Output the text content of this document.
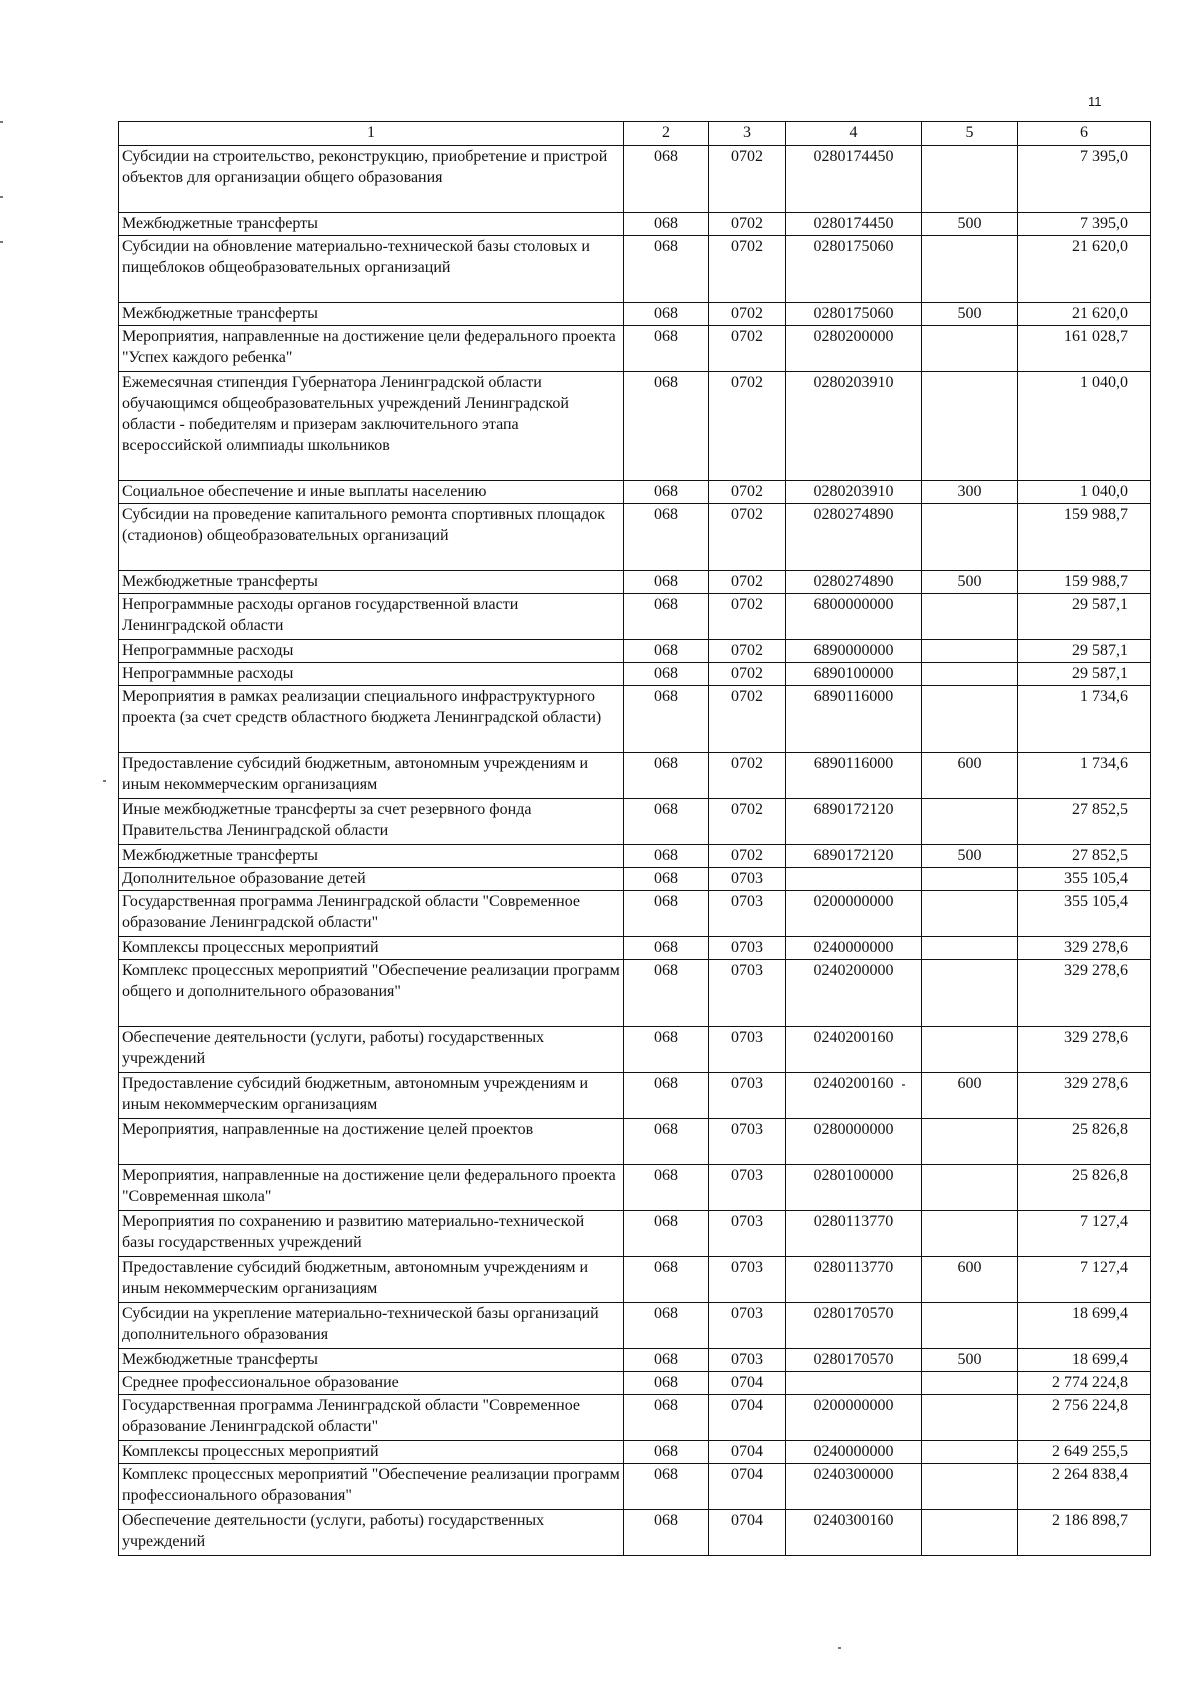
11
1	2	3	4	5	6
Субсидии на строительство, реконструкцию, приобретение и пристрой объектов для организации общего образования	068	0702	0280174450		7 395,0
Межбюджетные трансферты	068	0702	0280174450	500	7 395,0
Субсидии на обновление материально-технической базы столовых и пищеблоков общеобразовательных организаций	068	0702	0280175060		21 620,0
Межбюджетные трансферты	068	0702	0280175060	500	21 620,0
Мероприятия, направленные на достижение цели федерального проекта "Успех каждого ребенка"	068	0702	0280200000		161 028,7
Ежемесячная стипендия Губернатора Ленинградской области обучающимся общеобразовательных учреждений Ленинградской области - победителям и призерам заключительного этапа всероссийской олимпиады школьников	068	0702	0280203910		1 040,0
Социальное обеспечение и иные выплаты населению	068	0702	0280203910	300	1 040,0
Субсидии на проведение капитального ремонта спортивных площадок (стадионов) общеобразовательных организаций	068	0702	0280274890		159 988,7
Межбюджетные трансферты	068	0702	0280274890	500	159 988,7
Непрограммные расходы органов государственной власти Ленинградской области	068	0702	6800000000		29 587,1
Непрограммные расходы	068	0702	6890000000		29 587,1
Непрограммные расходы	068	0702	6890100000		29 587,1
Мероприятия в рамках реализации специального инфраструктурного проекта (за счет средств областного бюджета Ленинградской области)	068	0702	6890116000		1 734,6
Предоставление субсидий бюджетным, автономным учреждениям и иным некоммерческим организациям	068	0702	6890116000	600	1 734,6
Иные межбюджетные трансферты за счет резервного фонда Правительства Ленинградской области	068	0702	6890172120		27 852,5
Межбюджетные трансферты	068	0702	6890172120	500	27 852,5
Дополнительное образование детей	068	0703			355 105,4
Государственная программа Ленинградской области "Современное образование Ленинградской области"	068	0703	0200000000		355 105,4
Комплексы процессных мероприятий	068	0703	0240000000		329 278,6
Комплекс процессных мероприятий "Обеспечение реализации программ общего и дополнительного образования"	068	0703	0240200000		329 278,6
Обеспечение деятельности (услуги, работы) государственных учреждений	068	0703	0240200160		329 278,6
Предоставление субсидий бюджетным, автономным учреждениям и иным некоммерческим организациям	068	0703	0240200160	600	329 278,6
Мероприятия, направленные на достижение целей проектов	068	0703	0280000000		25 826,8
Мероприятия, направленные на достижение цели федерального проекта "Современная школа"	068	0703	0280100000		25 826,8
Мероприятия по сохранению и развитию материально-технической базы государственных учреждений	068	0703	0280113770		7 127,4
Предоставление субсидий бюджетным, автономным учреждениям и иным некоммерческим организациям	068	0703	0280113770	600	7 127,4
Субсидии на укрепление материально-технической базы организаций дополнительного образования	068	0703	0280170570		18 699,4
Межбюджетные трансферты	068	0703	0280170570	500	18 699,4
Среднее профессиональное образование	068	0704			2 774 224,8
Государственная программа Ленинградской области "Современное образование Ленинградской области"	068	0704	0200000000		2 756 224,8
Комплексы процессных мероприятий	068	0704	0240000000		2 649 255,5
Комплекс процессных мероприятий "Обеспечение реализации программ профессионального образования"	068	0704	0240300000		2 264 838,4
Обеспечение деятельности (услуги, работы) государственных учреждений	068	0704	0240300160		2 186 898,7
